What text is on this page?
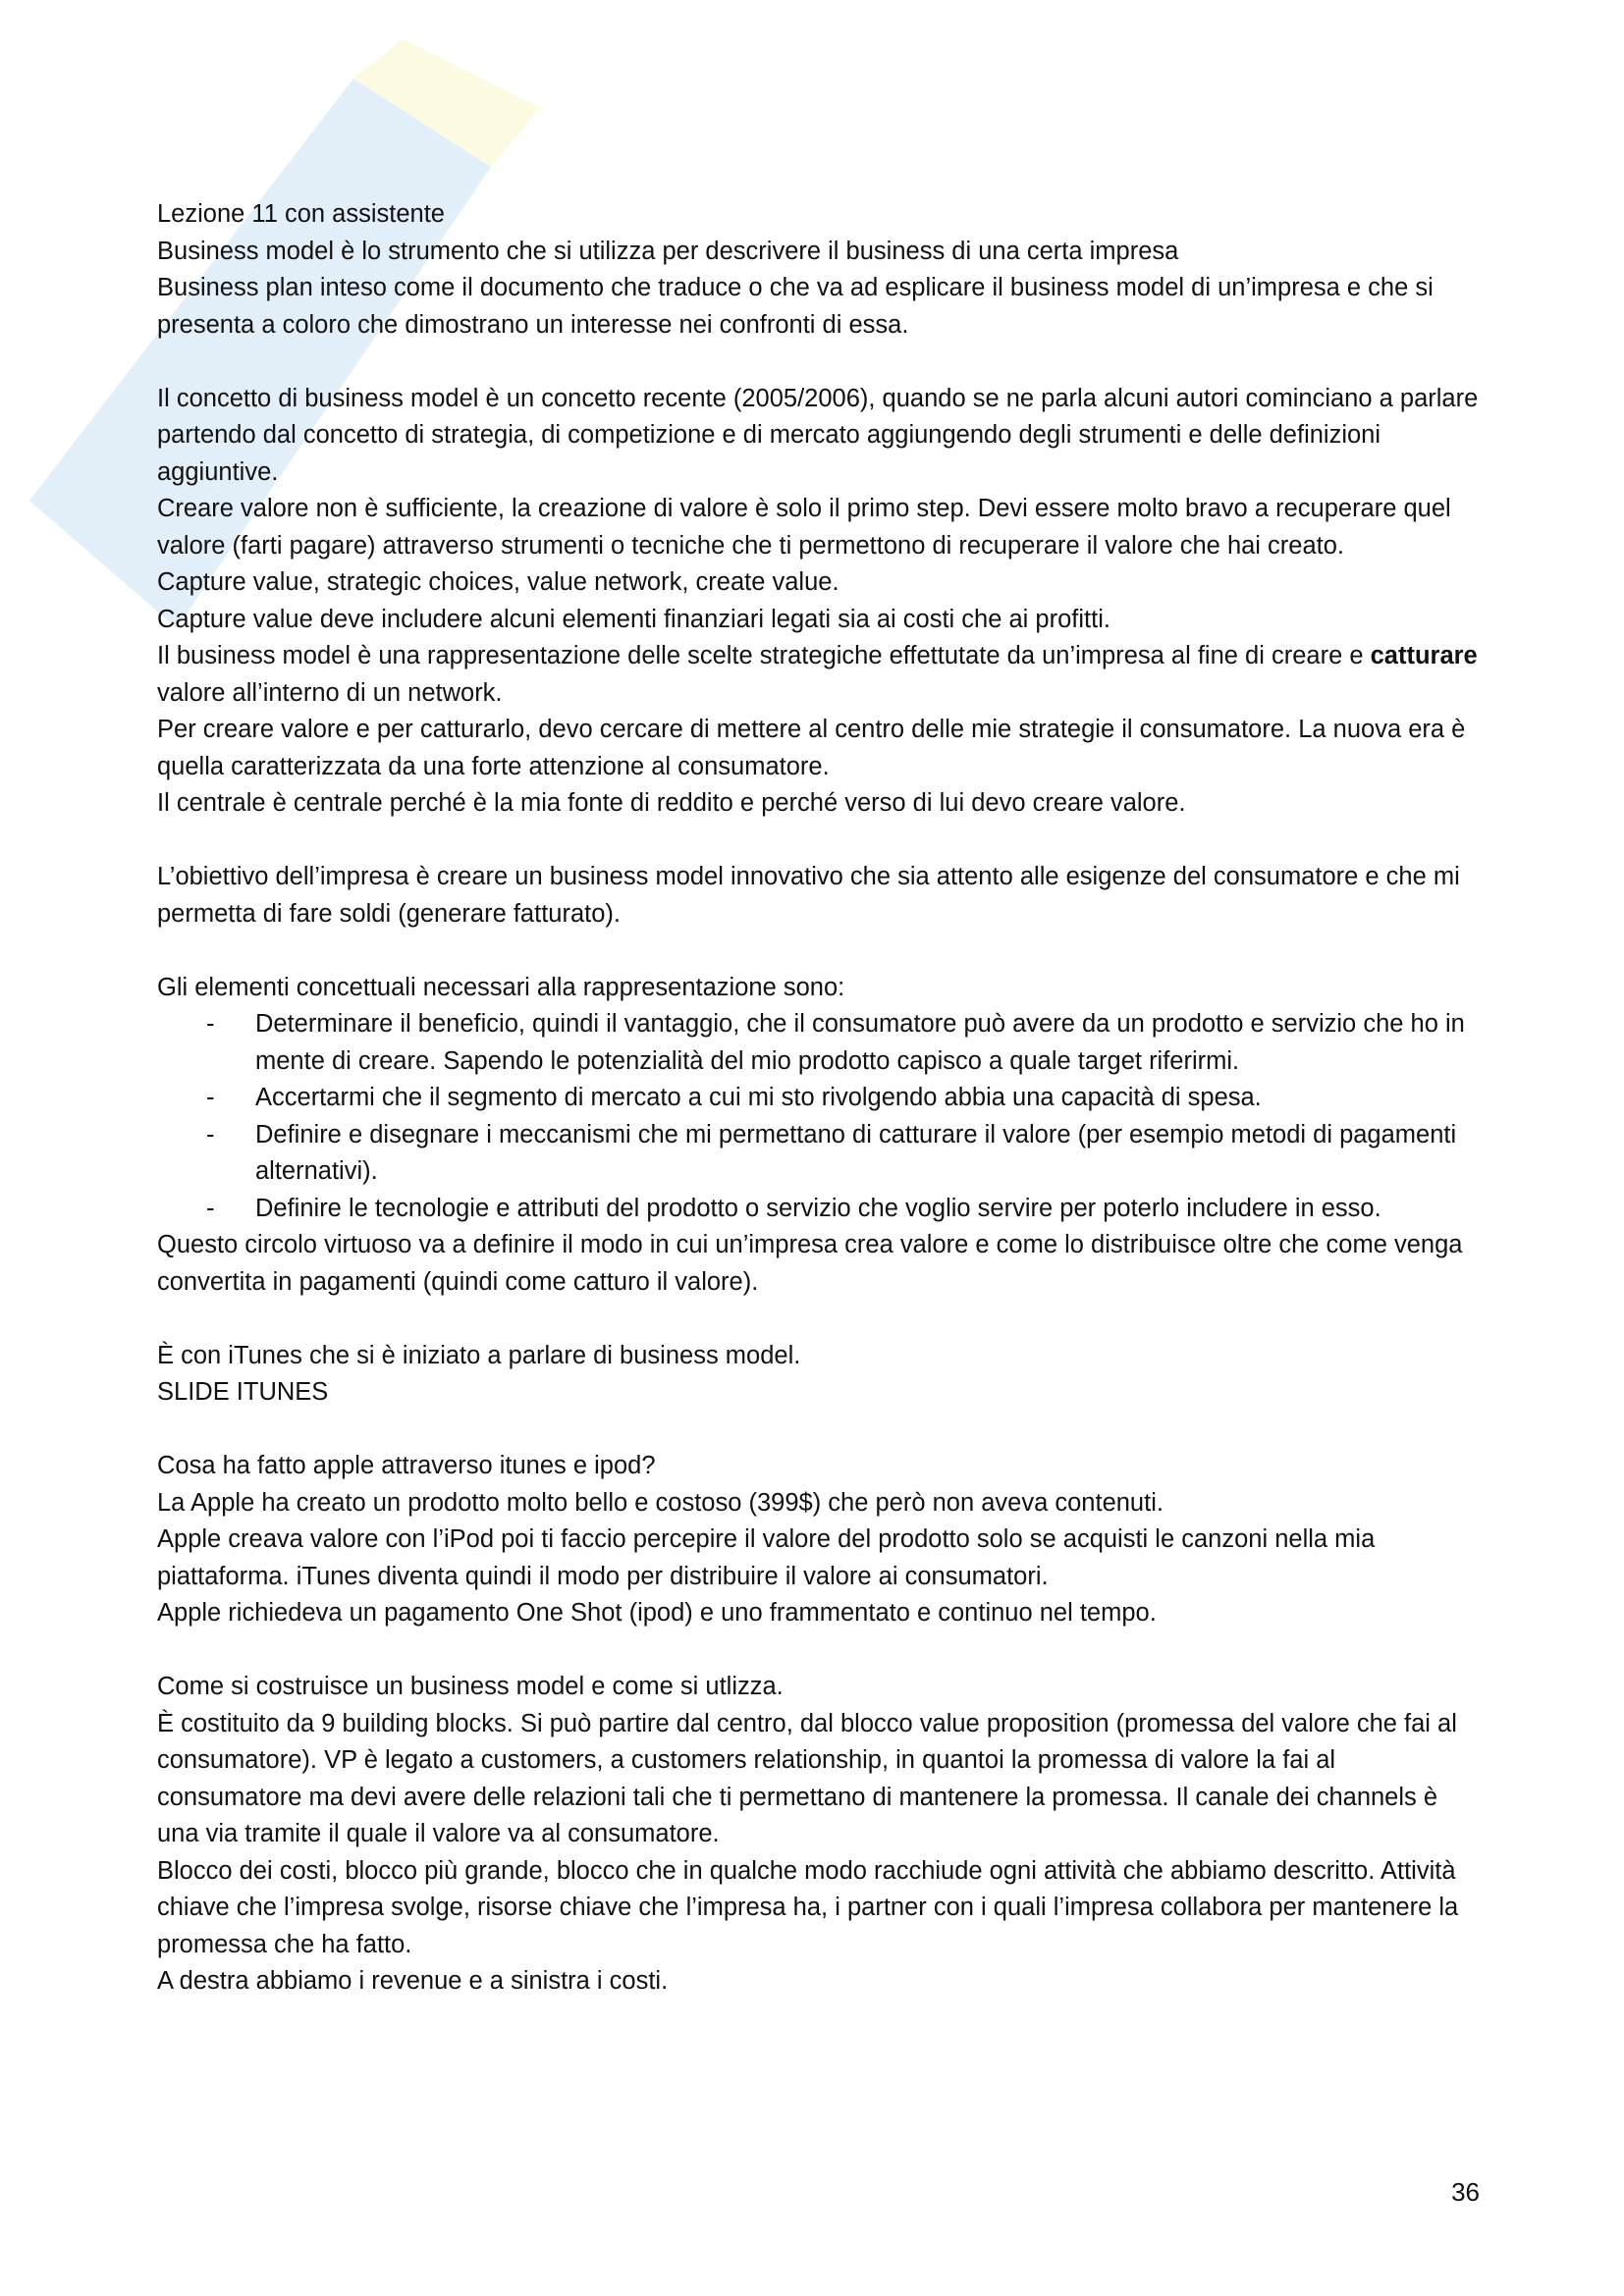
Lezione 11 con assistente

Business model è lo strumento che si utilizza per descrivere il business di una certa impresa

Business plan inteso come il documento che traduce o che va ad esplicare il business model di un’impresa e che si presenta a coloro che dimostrano un interesse nei confronti di essa.

Il concetto di business model è un concetto recente (2005/2006), quando se ne parla alcuni autori cominciano a parlare partendo dal concetto di strategia, di competizione e di mercato aggiungendo degli strumenti e delle definizioni aggiuntive.

Creare valore non è sufficiente, la creazione di valore è solo il primo step. Devi essere molto bravo a recuperare quel valore (farti pagare) attraverso strumenti o tecniche che ti permettono di recuperare il valore che hai creato.

Capture value, strategic choices, value network, create value.

Capture value deve includere alcuni elementi finanziari legati sia ai costi che ai profitti.

Il business model è una rappresentazione delle scelte strategiche effettutate da un’impresa al fine di creare e catturare valore all’interno di un network.

Per creare valore e per catturarlo, devo cercare di mettere al centro delle mie strategie il consumatore. La nuova era è quella caratterizzata da una forte attenzione al consumatore.

Il centrale è centrale perché è la mia fonte di reddito e perché verso di lui devo creare valore.

L’obiettivo dell’impresa è creare un business model innovativo che sia attento alle esigenze del consumatore e che mi permetta di fare soldi (generare fatturato).

Gli elementi concettuali necessari alla rappresentazione sono:

- Determinare il beneficio, quindi il vantaggio, che il consumatore può avere da un prodotto e servizio che ho in mente di creare. Sapendo le potenzialità del mio prodotto capisco a quale target riferirmi.
- Accertarmi che il segmento di mercato a cui mi sto rivolgendo abbia una capacità di spesa.
- Definire e disegnare i meccanismi che mi permettano di catturare il valore (per esempio metodi di pagamenti alternativi).
- Definire le tecnologie e attributi del prodotto o servizio che voglio servire per poterlo includere in esso.

Questo circolo virtuoso va a definire il modo in cui un’impresa crea valore e come lo distribuisce oltre che come venga convertita in pagamenti (quindi come catturo il valore).

È con iTunes che si è iniziato a parlare di business model.

SLIDE ITUNES

Cosa ha fatto apple attraverso itunes e ipod?

La Apple ha creato un prodotto molto bello e costoso (399$) che però non aveva contenuti.

Apple creava valore con l’iPod poi ti faccio percepire il valore del prodotto solo se acquisti le canzoni nella mia piattaforma. iTunes diventa quindi il modo per distribuire il valore ai consumatori.

Apple richiedeva un pagamento One Shot (ipod) e uno frammentato e continuo nel tempo.

Come si costruisce un business model e come si utlizza.

È costituito da 9 building blocks. Si può partire dal centro, dal blocco value proposition (promessa del valore che fai al consumatore). VP è legato a customers, a customers relationship, in quantoi la promessa di valore la fai al consumatore ma devi avere delle relazioni tali che ti permettano di mantenere la promessa. Il canale dei channels è una via tramite il quale il valore va al consumatore.

Blocco dei costi, blocco più grande, blocco che in qualche modo racchiude ogni attività che abbiamo descritto. Attività chiave che l’impresa svolge, risorse chiave che l’impresa ha, i partner con i quali l’impresa collabora per mantenere la promessa che ha fatto.

A destra abbiamo i revenue e a sinistra i costi.

36
